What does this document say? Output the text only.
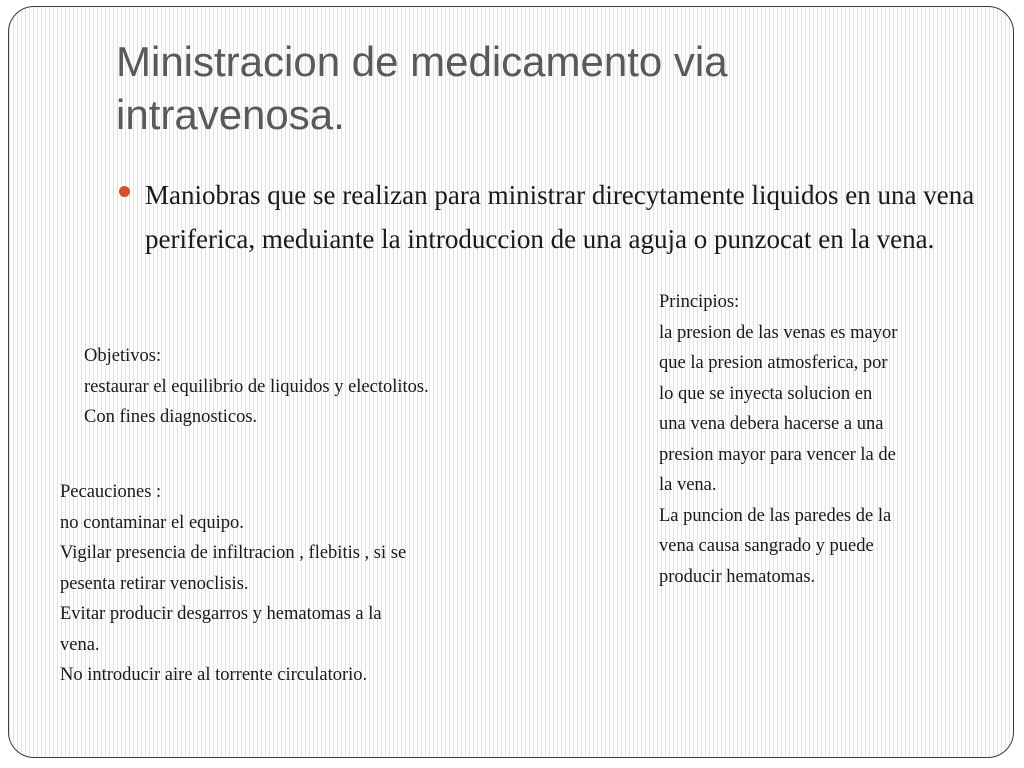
Ministracion de medicamento via intravenosa.

Maniobras que se realizan para ministrar direcytamente liquidos en una vena periferica, meduiante la introduccion de una aguja o punzocat en la vena.

Principios:
la presion de las venas es mayor
que la presion atmosferica, por
lo que se inyecta solucion en
una vena debera hacerse a una
presion mayor para vencer la de
la vena.
La puncion de las paredes de la
vena causa sangrado y puede
producir hematomas.
Objetivos:
restaurar el equilibrio de liquidos y electolitos.
Con fines diagnosticos.
Pecauciones :
no contaminar el equipo.
Vigilar presencia de infiltracion , flebitis , si se
pesenta retirar venoclisis.
Evitar producir desgarros y hematomas a la
vena.
No introducir aire al torrente circulatorio.
